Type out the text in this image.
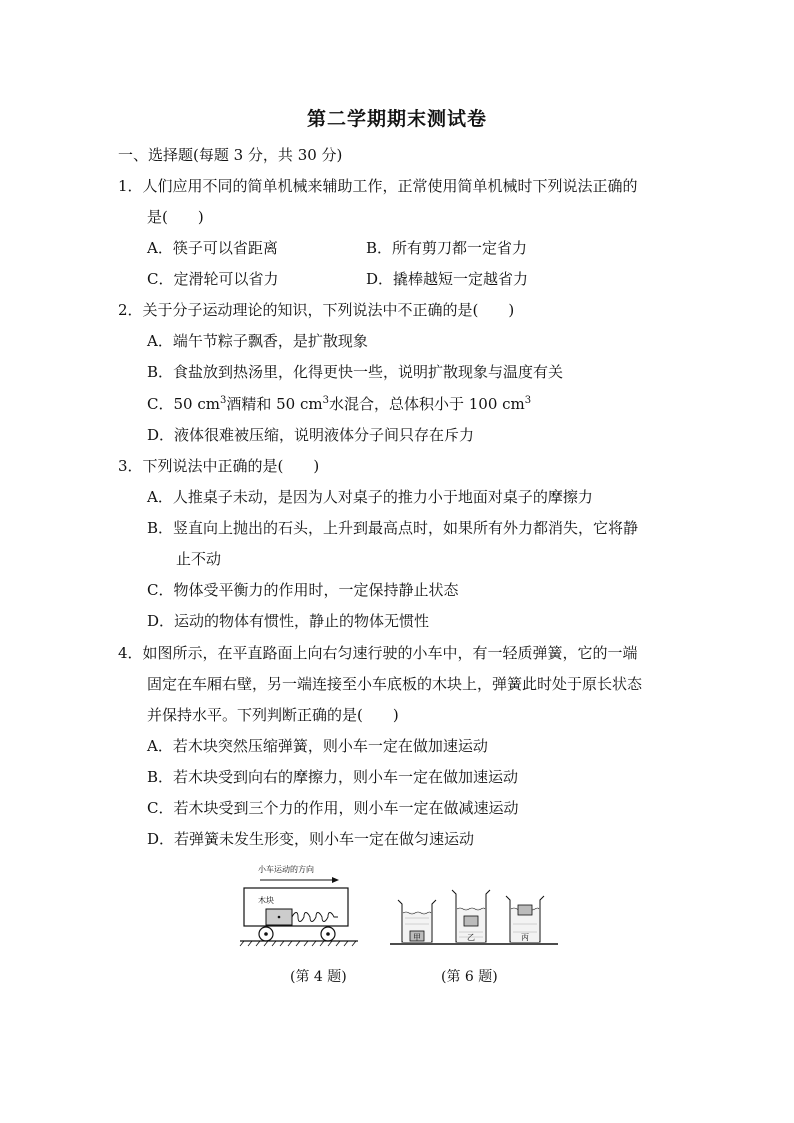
第二学期期末测试卷
一、选择题(每题 3 分，共 30 分)
1．人们应用不同的简单机械来辅助工作，正常使用简单机械时下列说法正确的
是(　　)
A．筷子可以省距离	B．所有剪刀都一定省力
C．定滑轮可以省力	D．撬棒越短一定越省力
2．关于分子运动理论的知识，下列说法中不正确的是(　　)
A．端午节粽子飘香，是扩散现象
B．食盐放到热汤里，化得更快一些，说明扩散现象与温度有关
C．50 $cm^3$酒精和 50 $cm^3$水混合，总体积小于 100 $cm^3$
D．液体很难被压缩，说明液体分子间只存在斥力
3．下列说法中正确的是(　　)
A．人推桌子未动，是因为人对桌子的推力小于地面对桌子的摩擦力
B．竖直向上抛出的石头，上升到最高点时，如果所有外力都消失，它将静
止不动
C．物体受平衡力的作用时，一定保持静止状态
D．运动的物体有惯性，静止的物体无惯性
4．如图所示，在平直路面上向右匀速行驶的小车中，有一轻质弹簧，它的一端
固定在车厢右壁，另一端连接至小车底板的木块上，弹簧此时处于原长状态
并保持水平。下列判断正确的是(　　)
A．若木块突然压缩弹簧，则小车一定在做加速运动
B．若木块受到向右的摩擦力，则小车一定在做加速运动
C．若木块受到三个力的作用，则小车一定在做减速运动
D．若弹簧未发生形变，则小车一定在做匀速运动
小车运动的方向
木块
甲	乙	丙
(第 4 题)	(第 6 题)
